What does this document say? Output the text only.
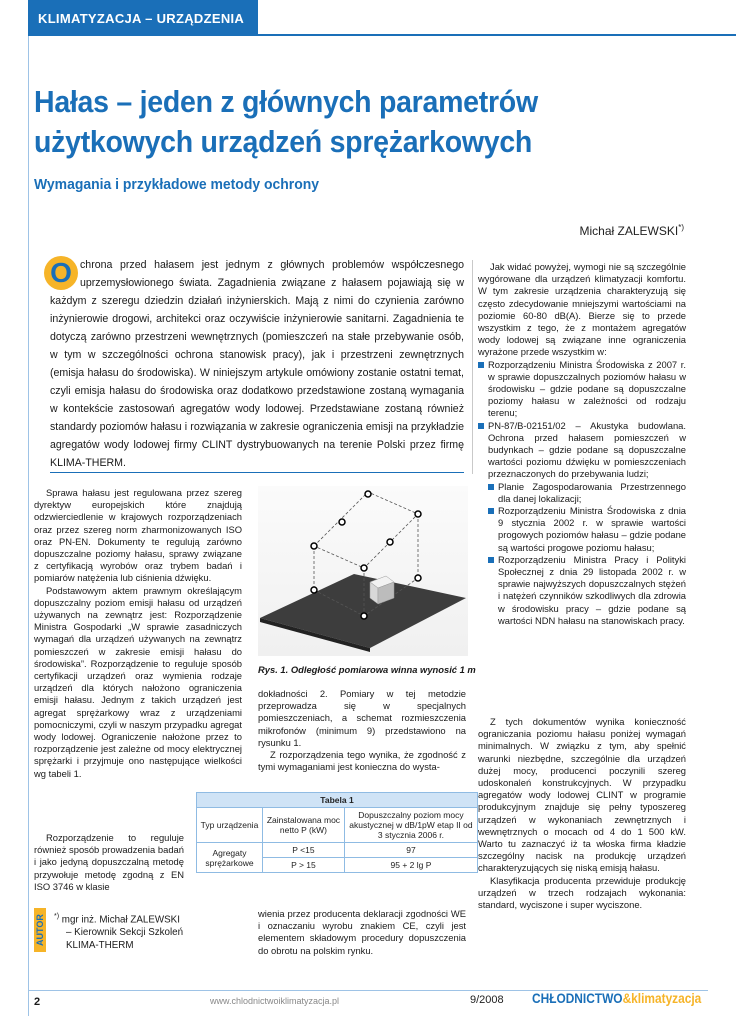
KLIMATYZACJA – URZĄDZENIA
Hałas – jeden z głównych parametrów użytkowych urządzeń sprężarkowych
Wymagania i przykładowe metody ochrony
Michał ZALEWSKI*)
O chrona przed hałasem jest jednym z głównych problemów współczesnego uprzemysłowionego świata. Zagadnienia związane z hałasem pojawiają się w każdym z szeregu dziedzin działań inżynierskich. Mają z nimi do czynienia zarówno inżynierowie drogowi, architekci oraz oczywiście inżynierowie sanitarni. Zagadnienia te dotyczą zarówno przestrzeni wewnętrznych (pomieszczeń na stałe przebywanie osób, w tym w szczególności ochrona stanowisk pracy), jak i przestrzeni zewnętrznych (emisja hałasu do środowiska). W niniejszym artykule omówiony zostanie ostatni temat, czyli emisja hałasu do środowiska oraz dodatkowo przedstawione zostaną wymagania w kontekście zastosowań agregatów wody lodowej. Przedstawiane zostaną również standardy poziomów hałasu i rozwiązania w zakresie ograniczenia emisji na przykładzie agregatów wody lodowej firmy CLINT dystrybuowanych na terenie Polski przez firmę KLIMA-THERM.

Sprawa hałasu jest regulowana przez szereg dyrektyw europejskich które znajdują odzwierciedlenie w krajowych rozporządzeniach oraz przez szereg norm zharmonizowanych ISO oraz PN-EN. Dokumenty te regulują zarówno dopuszczalne poziomy hałasu, sprawy związane z certyfikacją wyrobów oraz trybem badań i pomiarów natężenia lub ciśnienia dźwięku.

Podstawowym aktem prawnym określającym dopuszczalny poziom emisji hałasu od urządzeń używanych na zewnątrz jest: Rozporządzenie Ministra Gospodarki „W sprawie zasadniczych wymagań dla urządzeń używanych na zewnątrz pomieszczeń w zakresie emisji hałasu do środowiska”. Rozporządzenie to reguluje sposób certyfikacji urządzeń oraz wymienia rodzaje urządzeń dla których nałożono ograniczenia emisji hałasu. Jednym z takich urządzeń jest agregat sprężarkowy wraz z urządzeniami pomocniczymi, czyli w naszym przypadku agregat wody lodowej. Ograniczenie nałożone przez to rozporządzenie jest zależne od mocy elektrycznej sprężarki i przyjmuje ono następujące wielkości wg tabeli 1.

Rozporządzenie to reguluje również sposób prowadzenia badań i jako jedyną dopuszczalną metodę przywołuje metodę zgodną z EN ISO 3746 w klasie

Rys. 1. Odległość pomiarowa winna wynosić 1 m

dokładności 2. Pomiary w tej metodzie przeprowadza się w specjalnych pomieszczeniach, a schemat rozmieszczenia mikrofonów (minimum 9) przedstawiono na rysunku 1.

Z rozporządzenia tego wynika, że zgodność z tymi wymaganiami jest konieczna do wysta-

Tabela 1		
Typ urządzenia	Zainstalowana moc netto P (kW)	Dopuszczalny poziom mocy akustycznej w dB/1pW etap II od 3 stycznia 2006 r.
Agregaty sprężarkowe	P <15	97
	P > 15	95 + 2 lg P

wienia przez producenta deklaracji zgodności WE i oznaczaniu wyrobu znakiem CE, czyli jest elementem składowym procedury dopuszczenia do obrotu na polskim rynku.

Jak widać powyżej, wymogi nie są szczególnie wygórowane dla urządzeń klimatyzacji komfortu. W tym zakresie urządzenia charakteryzują się często zdecydowanie mniejszymi wartościami na poziomie 60-80 dB(A). Bierze się to przede wszystkim z tego, że z montażem agregatów wody lodowej są związane inne ograniczenia wyrażone przede wszystkim w:

Rozporządzeniu Ministra Środowiska z 2007 r. w sprawie dopuszczalnych poziomów hałasu w środowisku – gdzie podane są dopuszczalne poziomy hałasu w zależności od rodzaju terenu;

PN-87/B-02151/02 – Akustyka budowlana. Ochrona przed hałasem pomieszczeń w budynkach – gdzie podane są dopuszczalne wartości poziomu dźwięku w pomieszczeniach przeznaczonych do przebywania ludzi;

Planie Zagospodarowania Przestrzennego dla danej lokalizacji;

Rozporządzeniu Ministra Środowiska z dnia 9 stycznia 2002 r. w sprawie wartości progowych poziomów hałasu – gdzie podane są wartości progowe poziomu hałasu;

Rozporządzeniu Ministra Pracy i Polityki Społecznej z dnia 29 listopada 2002 r. w sprawie najwyższych dopuszczalnych stężeń i natężeń czynników szkodliwych dla zdrowia w środowisku pracy – gdzie podane są wartości NDN hałasu na stanowiskach pracy.

Z tych dokumentów wynika konieczność ograniczania poziomu hałasu poniżej wymagań minimalnych. W związku z tym, aby spełnić warunki niezbędne, szczególnie dla urządzeń dużej mocy, producenci poczynili szereg udoskonaleń konstrukcyjnych. W przypadku agregatów wody lodowej CLINT w programie produkcyjnym znajduje się pełny typoszereg urządzeń w wykonaniach zewnętrznych i wewnętrznych o mocach od 4 do 1 500 kW. Warto tu zaznaczyć iż ta włoska firma kładzie szczególny nacisk na produkcję urządzeń charakteryzujących się niską emisją hałasu.

Klasyfikacja producenta przewiduje produkcję urządzeń w trzech rodzajach wykonania: standard, wyciszone i super wyciszone.

AUTOR *) mgr inż. Michał ZALEWSKI
– Kierownik Sekcji Szkoleń
KLIMA-THERM
2	www.chlodnictwoiklimatyzacja.pl	9/2008 CHŁODNICTWO&klimatyzacja
